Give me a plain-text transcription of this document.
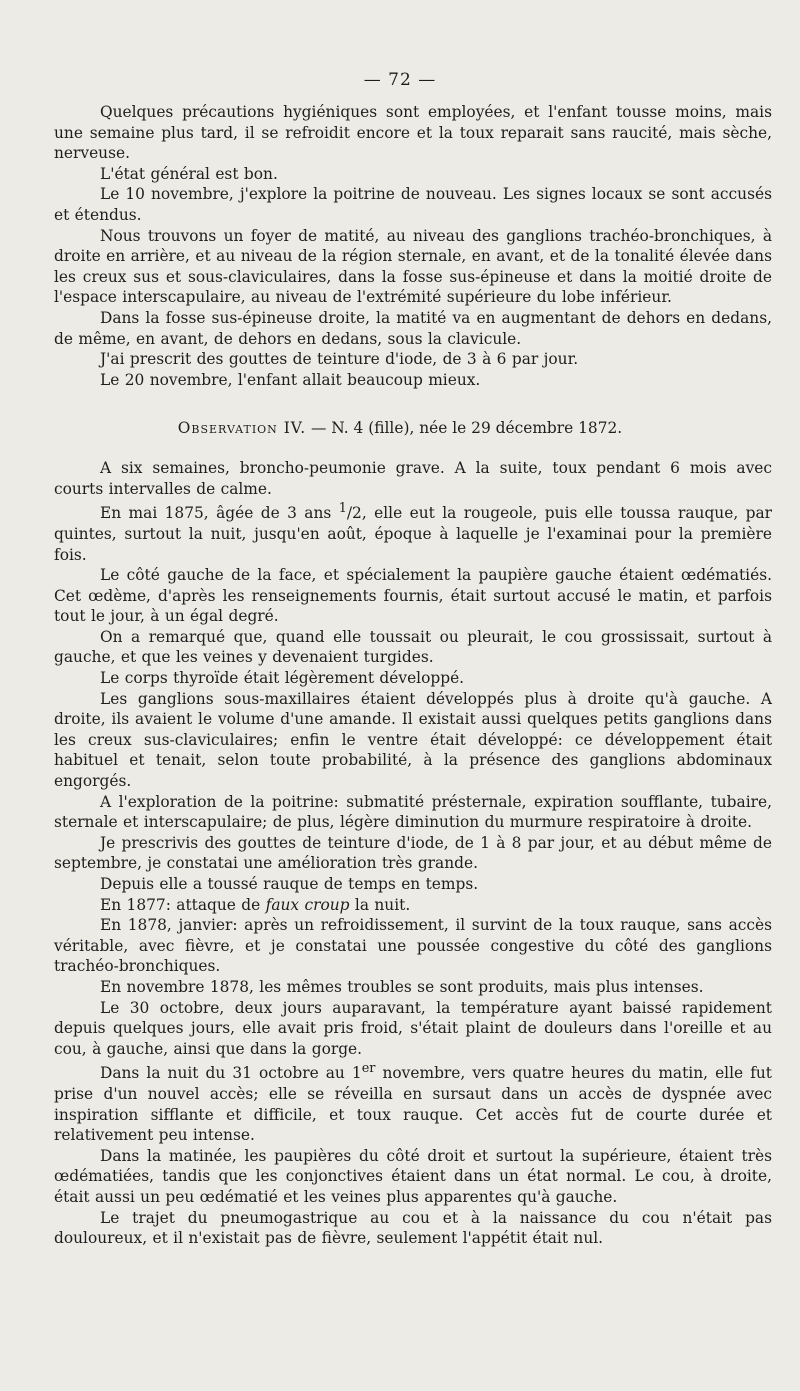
— 72 —

Quelques précautions hygiéniques sont employées, et l'enfant tousse moins, mais une semaine plus tard, il se refroidit encore et la toux reparait sans raucité, mais sèche, nerveuse.

L'état général est bon.

Le 10 novembre, j'explore la poitrine de nouveau. Les signes locaux se sont accusés et étendus.

Nous trouvons un foyer de matité, au niveau des ganglions trachéo-bronchiques, à droite en arrière, et au niveau de la région sternale, en avant, et de la tonalité élevée dans les creux sus et sous-claviculaires, dans la fosse sus-épineuse et dans la moitié droite de l'espace interscapulaire, au niveau de l'extrémité supérieure du lobe inférieur.

Dans la fosse sus-épineuse droite, la matité va en augmentant de dehors en dedans, de même, en avant, de dehors en dedans, sous la clavicule.

J'ai prescrit des gouttes de teinture d'iode, de 3 à 6 par jour.

Le 20 novembre, l'enfant allait beaucoup mieux.

Observation IV. — N. 4 (fille), née le 29 décembre 1872.

A six semaines, broncho-peumonie grave. A la suite, toux pendant 6 mois avec courts intervalles de calme.

En mai 1875, âgée de 3 ans $^1$/2, elle eut la rougeole, puis elle toussa rauque, par quintes, surtout la nuit, jusqu'en août, époque à laquelle je l'examinai pour la première fois.

Le côté gauche de la face, et spécialement la paupière gauche étaient œdématiés. Cet œdème, d'après les renseignements fournis, était surtout accusé le matin, et parfois tout le jour, à un égal degré.

On a remarqué que, quand elle toussait ou pleurait, le cou grossissait, surtout à gauche, et que les veines y devenaient turgides.

Le corps thyroïde était légèrement développé.

Les ganglions sous-maxillaires étaient développés plus à droite qu'à gauche. A droite, ils avaient le volume d'une amande. Il existait aussi quelques petits ganglions dans les creux sus-claviculaires; enfin le ventre était développé: ce développement était habituel et tenait, selon toute probabilité, à la présence des ganglions abdominaux engorgés.

A l'exploration de la poitrine: submatité présternale, expiration soufflante, tubaire, sternale et interscapulaire; de plus, légère diminution du murmure respiratoire à droite.

Je prescrivis des gouttes de teinture d'iode, de 1 à 8 par jour, et au début même de septembre, je constatai une amélioration très grande.

Depuis elle a toussé rauque de temps en temps.

En 1877: attaque de faux croup la nuit.

En 1878, janvier: après un refroidissement, il survint de la toux rauque, sans accès véritable, avec fièvre, et je constatai une poussée congestive du côté des ganglions trachéo-bronchiques.

En novembre 1878, les mêmes troubles se sont produits, mais plus intenses.

Le 30 octobre, deux jours auparavant, la température ayant baissé rapidement depuis quelques jours, elle avait pris froid, s'était plaint de douleurs dans l'oreille et au cou, à gauche, ainsi que dans la gorge.

Dans la nuit du 31 octobre au 1er novembre, vers quatre heures du matin, elle fut prise d'un nouvel accès; elle se réveilla en sursaut dans un accès de dyspnée avec inspiration sifflante et difficile, et toux rauque. Cet accès fut de courte durée et relativement peu intense.

Dans la matinée, les paupières du côté droit et surtout la supérieure, étaient très œdématiées, tandis que les conjonctives étaient dans un état normal. Le cou, à droite, était aussi un peu œdématié et les veines plus apparentes qu'à gauche.

Le trajet du pneumogastrique au cou et à la naissance du cou n'était pas douloureux, et il n'existait pas de fièvre, seulement l'appétit était nul.
